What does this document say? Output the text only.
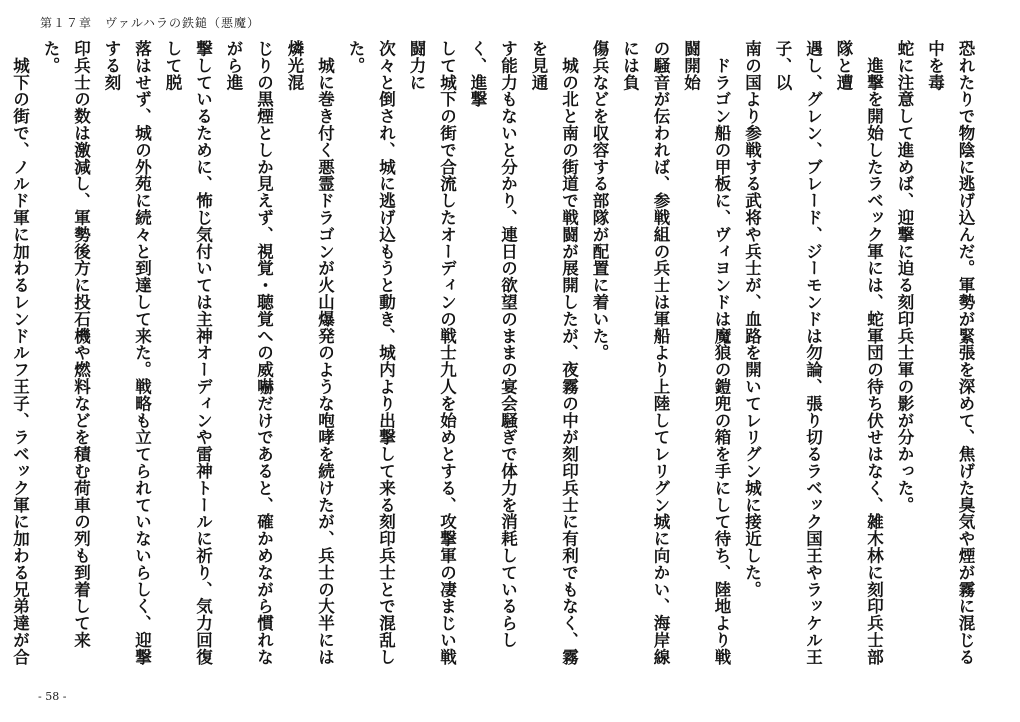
第１７章　ヴァルハラの鉄鎚（悪魔）

恐れたりで物陰に逃げ込んだ。軍勢が緊張を深めて、焦げた臭気や煙が霧に混じる中を毒

蛇に注意して進めば、迎撃に迫る刻印兵士軍の影が分かった。

　進撃を開始したラベック軍には、蛇軍団の待ち伏せはなく、雑木林に刻印兵士部隊と遭

遇し、グレン、ブレード、ジーモンドは勿論、張り切るラベック国王やラッケル王子、以

南の国より参戦する武将や兵士が、血路を開いてレリグン城に接近した。

　ドラゴン船の甲板に、ヴィヨンドは魔狼の鎧兜の箱を手にして待ち、陸地より戦闘開始

の騒音が伝われば、参戦組の兵士は軍船より上陸してレリグン城に向かい、海岸線には負

傷兵などを収容する部隊が配置に着いた。

　城の北と南の街道で戦闘が展開したが、夜霧の中が刻印兵士に有利でもなく、霧を見通

す能力もないと分かり、連日の欲望のままの宴会騒ぎで体力を消耗しているらしく、進撃

して城下の街で合流したオーディンの戦士九人を始めとする、攻撃軍の凄まじい戦闘力に

次々と倒され、城に逃げ込もうと動き、城内より出撃して来る刻印兵士とで混乱した。

　城に巻き付く悪霊ドラゴンが火山爆発のような咆哮を続けたが、兵士の大半には燐光混

じりの黒煙としか見えず、視覚・聴覚への威嚇だけであると、確かめながら慣れながら進

撃しているために、怖じ気付いては主神オーディンや雷神トールに祈り、気力回復して脱

落はせず、城の外苑に続々と到達して来た。戦略も立てられていないらしく、迎撃する刻

印兵士の数は激減し、軍勢後方に投石機や燃料などを積む荷車の列も到着して来た。

　城下の街で、ノルド軍に加わるレンドルフ王子、ラベック軍に加わる兄弟達が合

- 58 -
